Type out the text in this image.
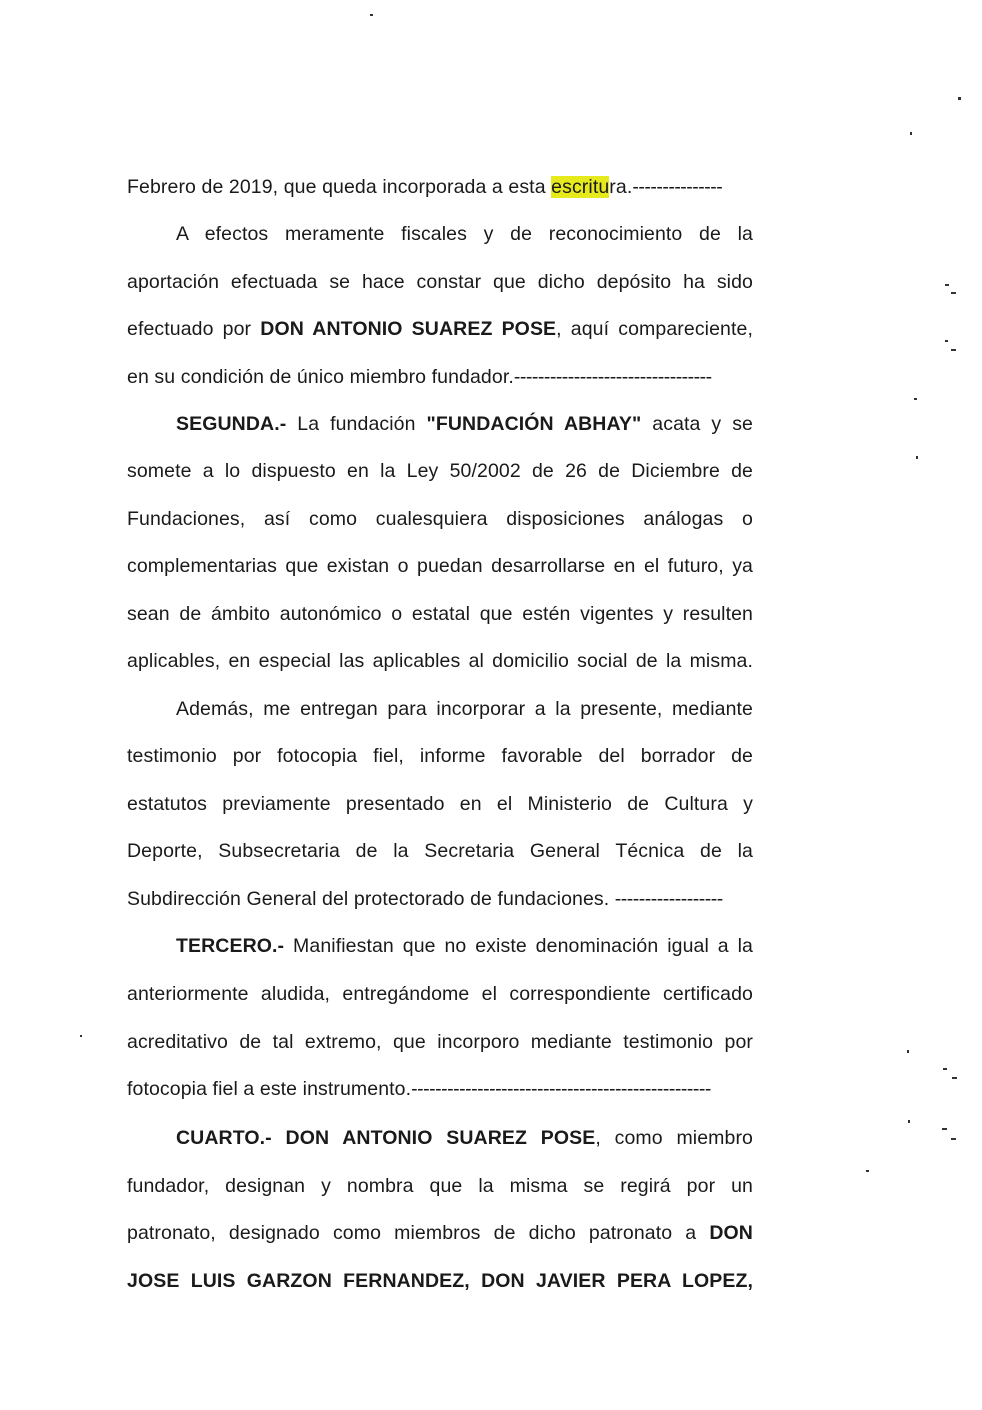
Febrero de 2019, que queda incorporada a esta escritura.---------------
A efectos meramente fiscales y de reconocimiento de la
aportación efectuada se hace constar que dicho depósito ha sido
efectuado por DON ANTONIO SUAREZ POSE, aquí compareciente,
en su condición de único miembro fundador.---------------------------------
SEGUNDA.- La fundación "FUNDACIÓN ABHAY" acata y se
somete a lo dispuesto en la Ley 50/2002 de 26 de Diciembre de
Fundaciones, así como cualesquiera disposiciones análogas o
complementarias que existan o puedan desarrollarse en el futuro, ya
sean de ámbito autonómico o estatal que estén vigentes y resulten
aplicables, en especial las aplicables al domicilio social de la misma.
Además, me entregan para incorporar a la presente, mediante
testimonio por fotocopia fiel, informe favorable del borrador de
estatutos previamente presentado en el Ministerio de Cultura y
Deporte, Subsecretaria de la Secretaria General Técnica de la
Subdirección General del protectorado de fundaciones. ------------------
TERCERO.- Manifiestan que no existe denominación igual a la
anteriormente aludida, entregándome el correspondiente certificado
acreditativo de tal extremo, que incorporo mediante testimonio por
fotocopia fiel a este instrumento.--------------------------------------------------
CUARTO.- DON ANTONIO SUAREZ POSE, como miembro
fundador, designan y nombra que la misma se regirá por un
patronato, designado como miembros de dicho patronato a DON
JOSE LUIS GARZON FERNANDEZ, DON JAVIER PERA LOPEZ,
